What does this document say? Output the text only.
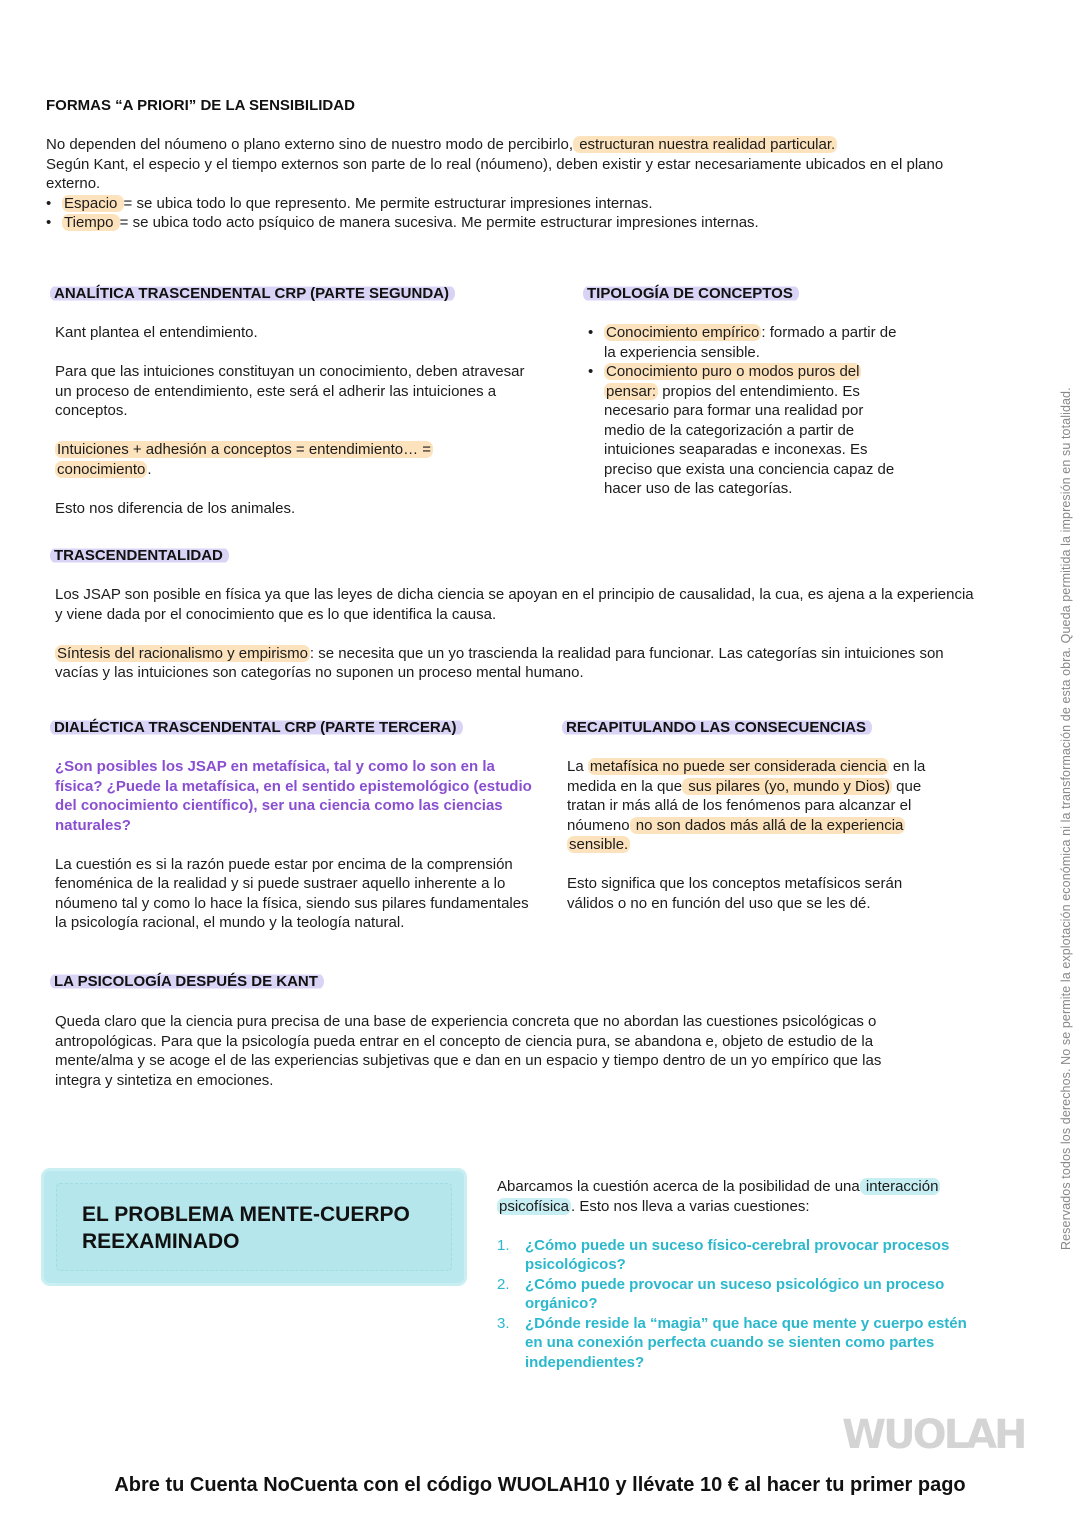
FORMAS “A PRIORI” DE LA SENSIBILIDAD

No dependen del nóumeno o plano externo sino de nuestro modo de percibirlo, estructuran nuestra realidad particular.

Según Kant, el especio y el tiempo externos son parte de lo real (nóumeno), deben existir y estar necesariamente ubicados en el plano externo.

• Espacio = se ubica todo lo que represento. Me permite estructurar impresiones internas.
• Tiempo = se ubica todo acto psíquico de manera sucesiva. Me permite estructurar impresiones internas.
ANALÍTICA TRASCENDENTAL CRP (PARTE SEGUNDA)

Kant plantea el entendimiento.

Para que las intuiciones constituyan un conocimiento, deben atravesar un proceso de entendimiento, este será el adherir las intuiciones a conceptos.

Intuiciones + adhesión a conceptos = entendimiento… = conocimiento .

Esto nos diferencia de los animales.

TIPOLOGÍA DE CONCEPTOS
• Conocimiento empírico : formado a partir de la experiencia sensible.
• Conocimiento puro o modos puros del pensar: propios del entendimiento. Es necesario para formar una realidad por medio de la categorización a partir de intuiciones seaparadas e inconexas. Es preciso que exista una conciencia capaz de hacer uso de las categorías.
TRASCENDENTALIDAD

Los JSAP son posible en física ya que las leyes de dicha ciencia se apoyan en el principio de causalidad, la cua, es ajena a la experiencia y viene dada por el conocimiento que es lo que identifica la causa.

Síntesis del racionalismo y empirismo : se necesita que un yo trascienda la realidad para funcionar. Las categorías sin intuiciones son vacías y las intuiciones son categorías no suponen un proceso mental humano.

DIALÉCTICA TRASCENDENTAL CRP (PARTE TERCERA)

¿Son posibles los JSAP en metafísica, tal y como lo son en la física? ¿Puede la metafísica, en el sentido epistemológico (estudio del conocimiento científico), ser una ciencia como las ciencias naturales?

La cuestión es si la razón puede estar por encima de la comprensión fenoménica de la realidad y si puede sustraer aquello inherente a lo nóumeno tal y como lo hace la física, siendo sus pilares fundamentales la psicología racional, el mundo y la teología natural.

RECAPITULANDO LAS CONSECUENCIAS

La metafísica no puede ser considerada ciencia en la medida en la que sus pilares (yo, mundo y Dios) que tratan ir más allá de los fenómenos para alcanzar el nóumeno no son dados más allá de la experiencia sensible.

Esto significa que los conceptos metafísicos serán válidos o no en función del uso que se les dé.

LA PSICOLOGÍA DESPUÉS DE KANT

Queda claro que la ciencia pura precisa de una base de experiencia concreta que no abordan las cuestiones psicológicas o antropológicas. Para que la psicología pueda entrar en el concepto de ciencia pura, se abandona e, objeto de estudio de la mente/alma y se acoge el de las experiencias subjetivas que e dan en un espacio y tiempo dentro de un yo empírico que las integra y sintetiza en emociones.

EL PROBLEMA MENTE-CUERPO REEXAMINADO

Abarcamos la cuestión acerca de la posibilidad de una interacción psicofísica . Esto nos lleva a varias cuestiones:

1. ¿Cómo puede un suceso físico-cerebral provocar procesos psicológicos?
2. ¿Cómo puede provocar un suceso psicológico un proceso orgánico?
3. ¿Dónde reside la “magia” que hace que mente y cuerpo estén en una conexión perfecta cuando se sienten como partes independientes?
Reservados todos los derechos. No se permite la explotación económica ni la transformación de esta obra. Queda permitida la impresión en su totalidad.
WUOLAH
Abre tu Cuenta NoCuenta con el código WUOLAH10 y llévate 10 € al hacer tu primer pago
